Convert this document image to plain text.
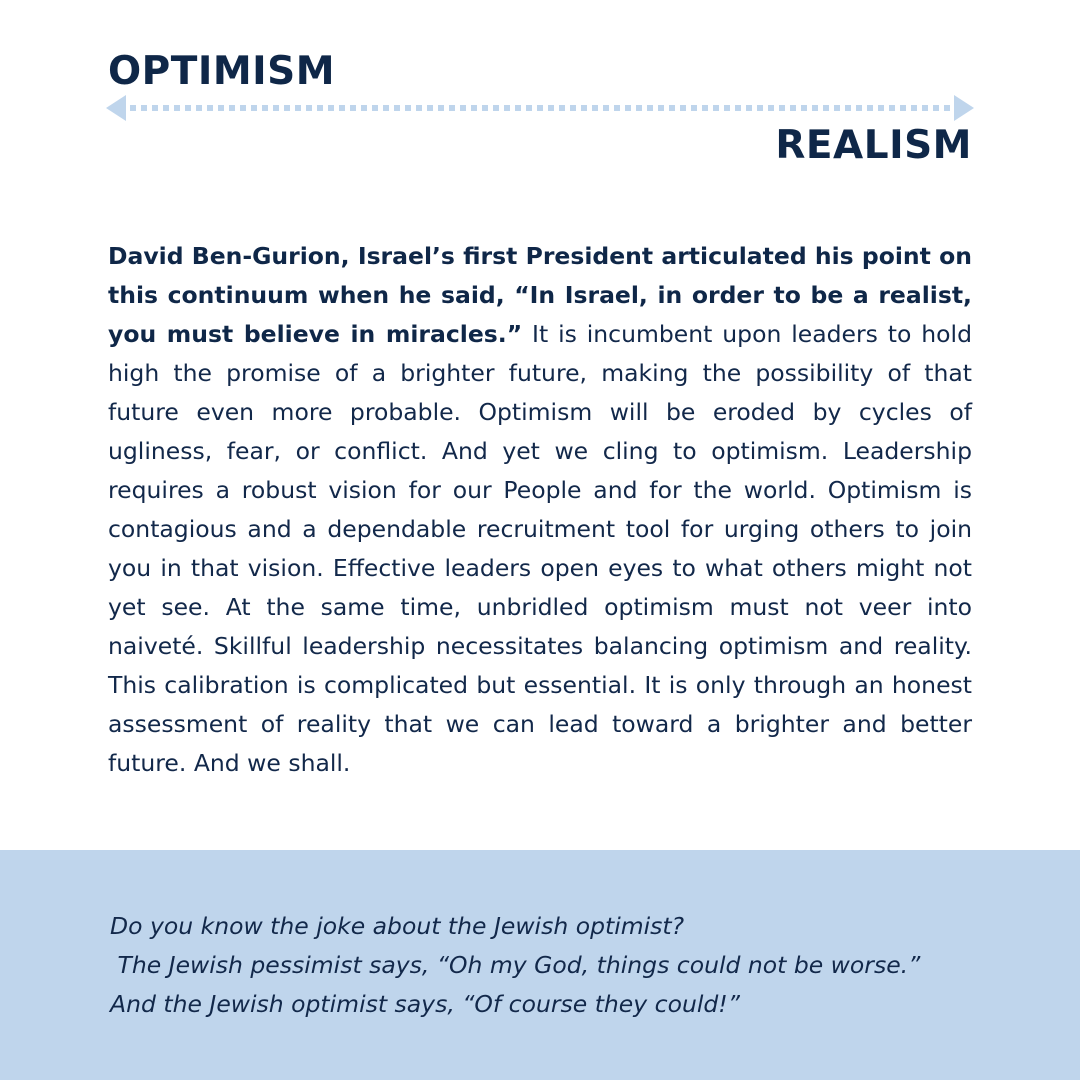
OPTIMISM
REALISM

David Ben-Gurion, Israel’s first President articulated his point on this continuum when he said, “In Israel, in order to be a realist, you must believe in miracles.” It is incumbent upon leaders to hold high the promise of a brighter future, making the possibility of that future even more probable. Optimism will be eroded by cycles of ugliness, fear, or conflict. And yet we cling to optimism. Leadership requires a robust vision for our People and for the world. Optimism is contagious and a dependable recruitment tool for urging others to join you in that vision. Effective leaders open eyes to what others might not yet see. At the same time, unbridled optimism must not veer into naiveté. Skillful leadership necessitates balancing optimism and reality. This calibration is complicated but essential. It is only through an honest assessment of reality that we can lead toward a brighter and better future. And we shall.

Do you know the joke about the Jewish optimist?
The Jewish pessimist says, “Oh my God, things could not be worse.”
And the Jewish optimist says, “Of course they could!”
